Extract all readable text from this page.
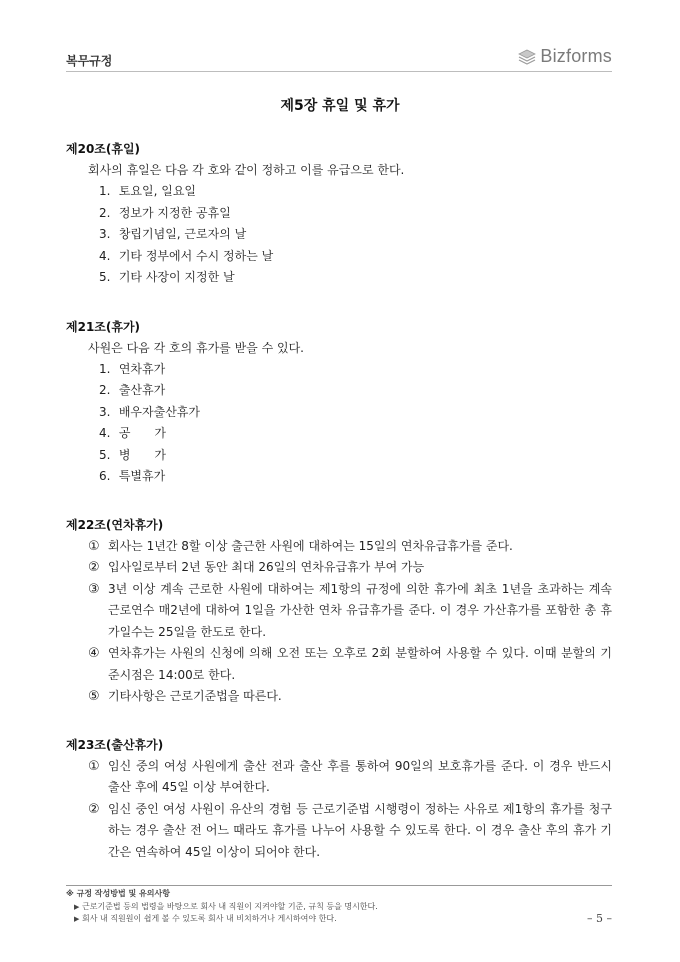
복무규정	Bizforms
제5장 휴일 및 휴가
제20조(휴일)
회사의 휴일은 다음 각 호와 같이 정하고 이를 유급으로 한다.
1. 토요일, 일요일
2. 정보가 지정한 공휴일
3. 창립기념일, 근로자의 날
4. 기타 정부에서 수시 정하는 날
5. 기타 사장이 지정한 날
제21조(휴가)
사원은 다음 각 호의 휴가를 받을 수 있다.
1. 연차휴가
2. 출산휴가
3. 배우자출산휴가
4. 공　　가
5. 병　　가
6. 특별휴가
제22조(연차휴가)
① 회사는 1년간 8할 이상 출근한 사원에 대하여는 15일의 연차유급휴가를 준다.
② 입사일로부터 2년 동안 최대 26일의 연차유급휴가 부여 가능
③ 3년 이상 계속 근로한 사원에 대하여는 제1항의 규정에 의한 휴가에 최초 1년을 초과하는 계속 근로연수 매2년에 대하여 1일을 가산한 연차 유급휴가를 준다. 이 경우 가산휴가를 포함한 총 휴가일수는 25일을 한도로 한다.
④ 연차휴가는 사원의 신청에 의해 오전 또는 오후로 2회 분할하여 사용할 수 있다. 이때 분할의 기준시점은 14:00로 한다.
⑤ 기타사항은 근로기준법을 따른다.
제23조(출산휴가)
① 임신 중의 여성 사원에게 출산 전과 출산 후를 통하여 90일의 보호휴가를 준다. 이 경우 반드시 출산 후에 45일 이상 부여한다.
② 임신 중인 여성 사원이 유산의 경험 등 근로기준법 시행령이 정하는 사유로 제1항의 휴가를 청구하는 경우 출산 전 어느 때라도 휴가를 나누어 사용할 수 있도록 한다. 이 경우 출산 후의 휴가 기간은 연속하여 45일 이상이 되어야 한다.
※ 규정 작성방법 및 유의사항
▶ 근로기준법 등의 법령을 바탕으로 회사 내 직원이 지켜야할 기준, 규칙 등을 명시한다.
▶ 회사 내 직원원이 쉽게 볼 수 있도록 회사 내 비치하거나 게시하여야 한다.	– 5 –
